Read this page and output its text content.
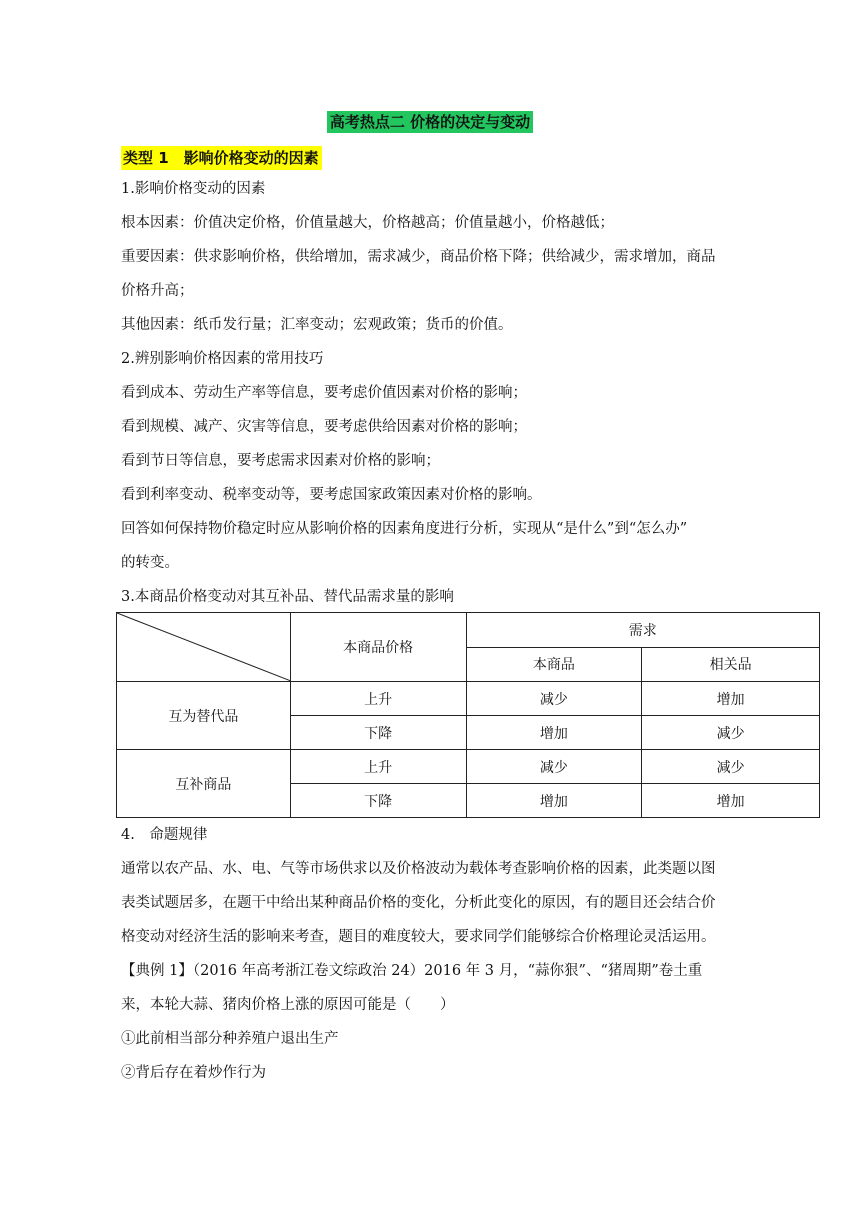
高考热点二 价格的决定与变动
类型 1　影响价格变动的因素

1.影响价格变动的因素

根本因素：价值决定价格，价值量越大，价格越高；价值量越小，价格越低；

重要因素：供求影响价格，供给增加，需求减少，商品价格下降；供给减少，需求增加，商品

价格升高；

其他因素：纸币发行量；汇率变动；宏观政策；货币的价值。

2.辨别影响价格因素的常用技巧

看到成本、劳动生产率等信息，要考虑价值因素对价格的影响；

看到规模、减产、灾害等信息，要考虑供给因素对价格的影响；

看到节日等信息，要考虑需求因素对价格的影响；

看到利率变动、税率变动等，要考虑国家政策因素对价格的影响。

回答如何保持物价稳定时应从影响价格的因素角度进行分析，实现从“是什么”到“怎么办”

的转变。

3.本商品价格变动对其互补品、替代品需求量的影响

	本商品价格	需求	
		本商品	相关品
互为替代品	上升	减少	增加
	下降	增加	减少
互补商品	上升	减少	减少
	下降	增加	增加

4.　命题规律

通常以农产品、水、电、气等市场供求以及价格波动为载体考查影响价格的因素，此类题以图

表类试题居多，在题干中给出某种商品价格的变化，分析此变化的原因，有的题目还会结合价

格变动对经济生活的影响来考查，题目的难度较大，要求同学们能够综合价格理论灵活运用。

【典例 1】（2016 年高考浙江卷文综政治 24）2016 年 3 月，“蒜你狠”、“猪周期”卷土重

来，本轮大蒜、猪肉价格上涨的原因可能是（　　）

①此前相当部分种养殖户退出生产

②背后存在着炒作行为
